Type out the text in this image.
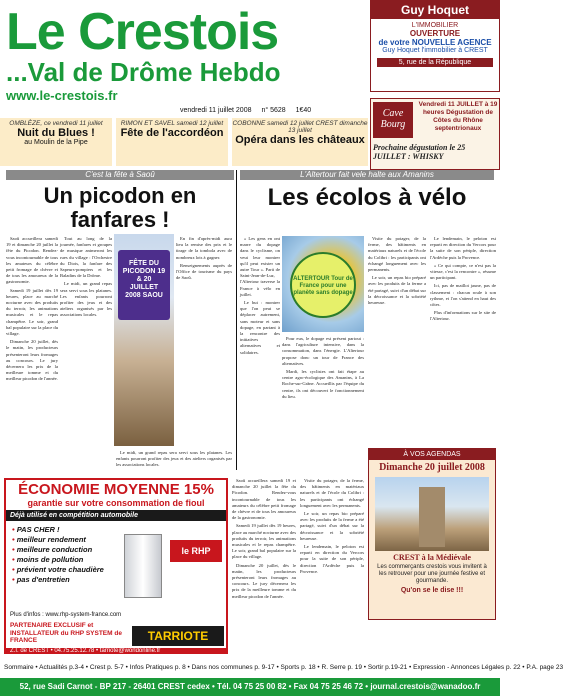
Le Crestois
...Val de Drôme Hebdo
www.le-crestois.fr
vendredi 11 juillet 2008 n° 5628 1€40
Guy Hoquet
L'IMMOBILIER
OUVERTURE
de votre NOUVELLE AGENCE
Guy Hoquet l'immobilier à CREST
5, rue de la République
Cave Bourg
Vendredi 11 JUILLET à 19 heures Dégustation de Côtes du Rhône septentrionaux
Prochaine dégustation le 25 JUILLET : WHISKY
OMBLÈZE, ce vendredi 11 juillet
Nuit du Blues !
au Moulin de la Pipe
RIMON ET SAVEL samedi 12 juillet
Fête de l'accordéon
COBONNE samedi 12 juillet CREST dimanche 13 juillet
Opéra dans les châteaux
C'est la fête à Saoû	L'Altertour fait vele halte aux Amanins
Un picodon en fanfares !
Les écolos à vélo

Saoû accueillera samedi 19 et dimanche 20 juillet la fête du Picodon. Rendez-vous incontournable de tous les amateurs du célèbre petit fromage de chèvre et de tous les amoureux de la gastronomie.

Samedi 19 juillet dès 19 heures, place au marché nocturne avec des produits du terroir, les animations musicales et le repas champêtre. Le soir, grand bal populaire sur la place du village.

Dimanche 20 juillet, dès le matin, les producteurs présenteront leurs fromages au concours. Le jury décernera les prix de la meilleure tomme et du meilleur picodon de l'année.

Tout au long de la journée, fanfares et groupes de musique animeront les rues du village : l'Orchestre du Diois, la fanfare des Sapeurs-pompiers et les Baladins de la Drôme.

Le midi, un grand repas sera servi sous les platanes. Les enfants pourront profiter des jeux et des ateliers organisés par les associations locales.

FÊTE DU PICODON 19 & 20 JUILLET 2008 SAOU

En fin d'après-midi aura lieu la remise des prix et le tirage de la tombola avec de nombreux lots à gagner.

Renseignements auprès de l'Office de tourisme du pays de Saoû.

Le midi, un grand repas sera servi sous les platanes. Les enfants pourront profiter des jeux et des ateliers organisés par les associations locales.

« Les gens en ont marre du dopage dans le cyclisme, on veut leur montrer qu'il peut exister un autre Tour ». Parti de Saint-Jean-de-Luz, l'Altertour traverse la France à vélo en juillet.

Le but : montrer que l'on peut se déplacer autrement, sans moteur et sans dopage, en partant à la rencontre des initiatives alternatives et solidaires.

ALTERTOUR Tour de France pour une planète sans dopage

Pour eux, le dopage est présent partout : dans l'agriculture intensive, dans la consommation, dans l'énergie. L'Altertour propose donc un tour de France des alternatives.

Mardi, les cyclistes ont fait étape au centre agro-écologique des Amanins, à La Roche-sur-Grâne. Accueillis par l'équipe du centre, ils ont découvert le fonctionnement du lieu.

Visite du potager, de la ferme, des bâtiments en matériaux naturels et de l'école du Colibri : les participants ont échangé longuement avec les permanents.

Le soir, un repas bio préparé avec les produits de la ferme a été partagé, suivi d'un débat sur la décroissance et la sobriété heureuse.

Le lendemain, le peloton est reparti en direction du Vercors pour la suite de son périple, direction l'Ardèche puis la Provence.

« Ce qui compte, ce n'est pas la vitesse, c'est la rencontre », résume un participant.

Ici, pas de maillot jaune, pas de classement : chacun roule à son rythme, et l'on s'attend en haut des côtes.

Plus d'informations sur le site de l'Altertour.

Saoû accueillera samedi 19 et dimanche 20 juillet la fête du Picodon. Rendez-vous incontournable de tous les amateurs du célèbre petit fromage de chèvre et de tous les amoureux de la gastronomie.

Samedi 19 juillet dès 19 heures, place au marché nocturne avec des produits du terroir, les animations musicales et le repas champêtre. Le soir, grand bal populaire sur la place du village.

Dimanche 20 juillet, dès le matin, les producteurs présenteront leurs fromages au concours. Le jury décernera les prix de la meilleure tomme et du meilleur picodon de l'année.

Visite du potager, de la ferme, des bâtiments en matériaux naturels et de l'école du Colibri : les participants ont échangé longuement avec les permanents.

Le soir, un repas bio préparé avec les produits de la ferme a été partagé, suivi d'un débat sur la décroissance et la sobriété heureuse.

Le lendemain, le peloton est reparti en direction du Vercors pour la suite de son périple, direction l'Ardèche puis la Provence.

À VOS AGENDAS
Dimanche 20 juillet 2008
CREST à la Médiévale
Les commerçants crestois vous invitent à les retrouver pour une journée festive et gourmande.
Qu'on se le dise !!!
ÉCONOMIE MOYENNE 15%
garantie sur votre consommation de fioul
Déjà utilisé en compétition automobile
• PAS CHER !
• meilleur rendement
• meilleure conduction
• moins de pollution
• prévient votre chaudière
• pas d'entretien
le RHP System
Plus d'infos : www.rhp-system-france.com
PARTENAIRE EXCLUSIF et INSTALLATEUR du RHP SYSTEM de FRANCE	TARRIOTE
Z.I. de CREST • 04.75.25.12.78 • tarriote@worldonline.fr
Sommaire • Actualités p.3-4 • Crest p. 5-7 • Infos Pratiques p. 8 • Dans nos communes p. 9-17 • Sports p. 18 • R. Serre p. 19 • Sortir p.19-21 • Expression - Annonces Légales p. 22 • P.A. page 23
52, rue Sadi Carnot - BP 217 - 26401 CREST cedex • Tél. 04 75 25 00 82 • Fax 04 75 25 46 72 • journal.crestois@wanadoo.fr
